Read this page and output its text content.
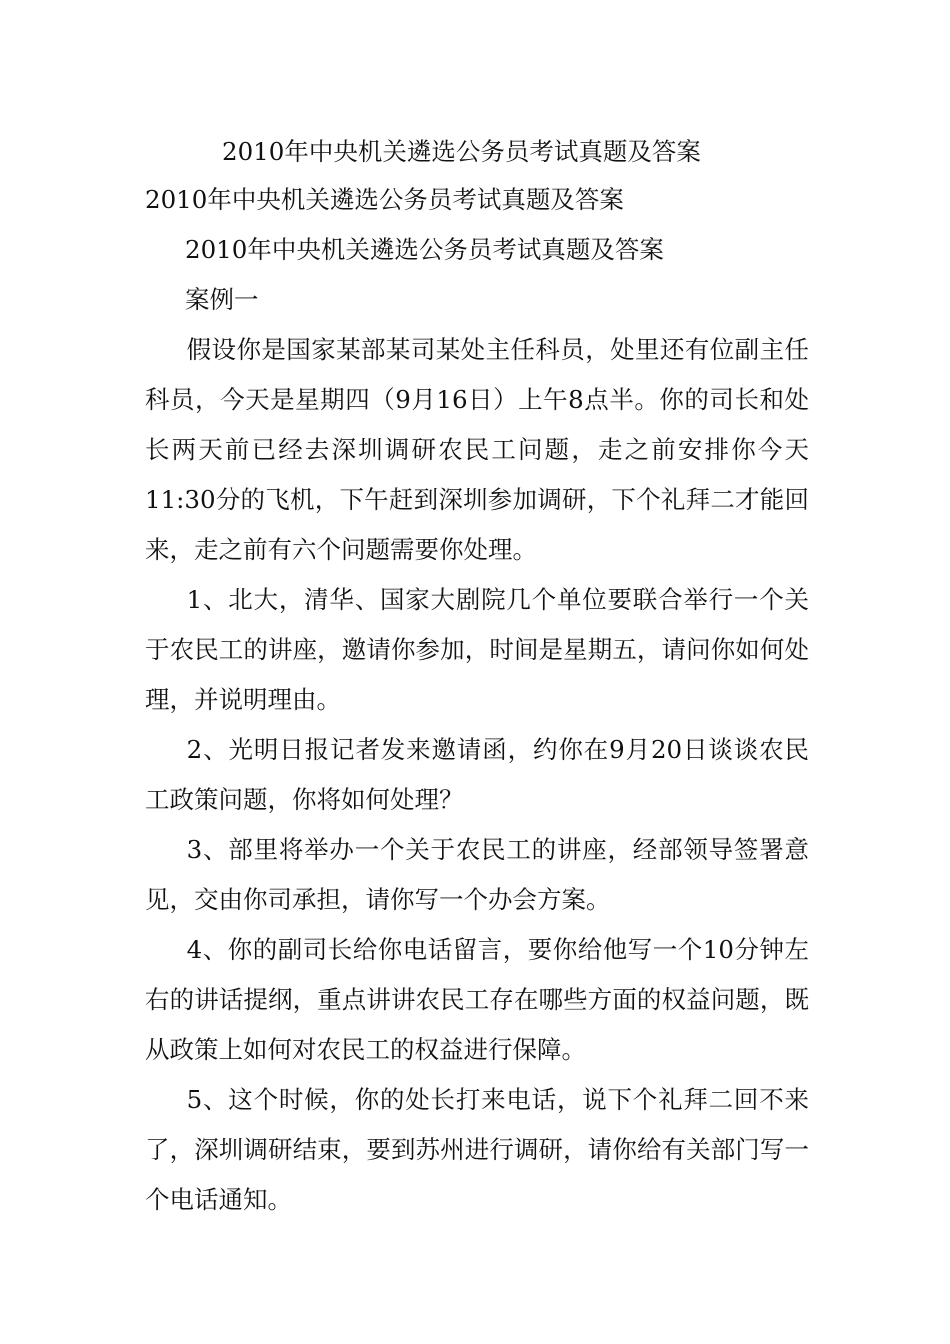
2010年中央机关遴选公务员考试真题及答案
2010年中央机关遴选公务员考试真题及答案
2010年中央机关遴选公务员考试真题及答案
案例一
假设你是国家某部某司某处主任科员，处里还有位副主任科员，今天是星期四（9月16日）上午8点半。你的司长和处长两天前已经去深圳调研农民工问题，走之前安排你今天11:30分的飞机，下午赶到深圳参加调研，下个礼拜二才能回来，走之前有六个问题需要你处理。
1、北大，清华、国家大剧院几个单位要联合举行一个关于农民工的讲座，邀请你参加，时间是星期五，请问你如何处理，并说明理由。
2、光明日报记者发来邀请函，约你在9月20日谈谈农民工政策问题，你将如何处理？
3、部里将举办一个关于农民工的讲座，经部领导签署意见，交由你司承担，请你写一个办会方案。
4、你的副司长给你电话留言，要你给他写一个10分钟左右的讲话提纲，重点讲讲农民工存在哪些方面的权益问题，既从政策上如何对农民工的权益进行保障。
5、这个时候，你的处长打来电话，说下个礼拜二回不来了，深圳调研结束，要到苏州进行调研，请你给有关部门写一个电话通知。
